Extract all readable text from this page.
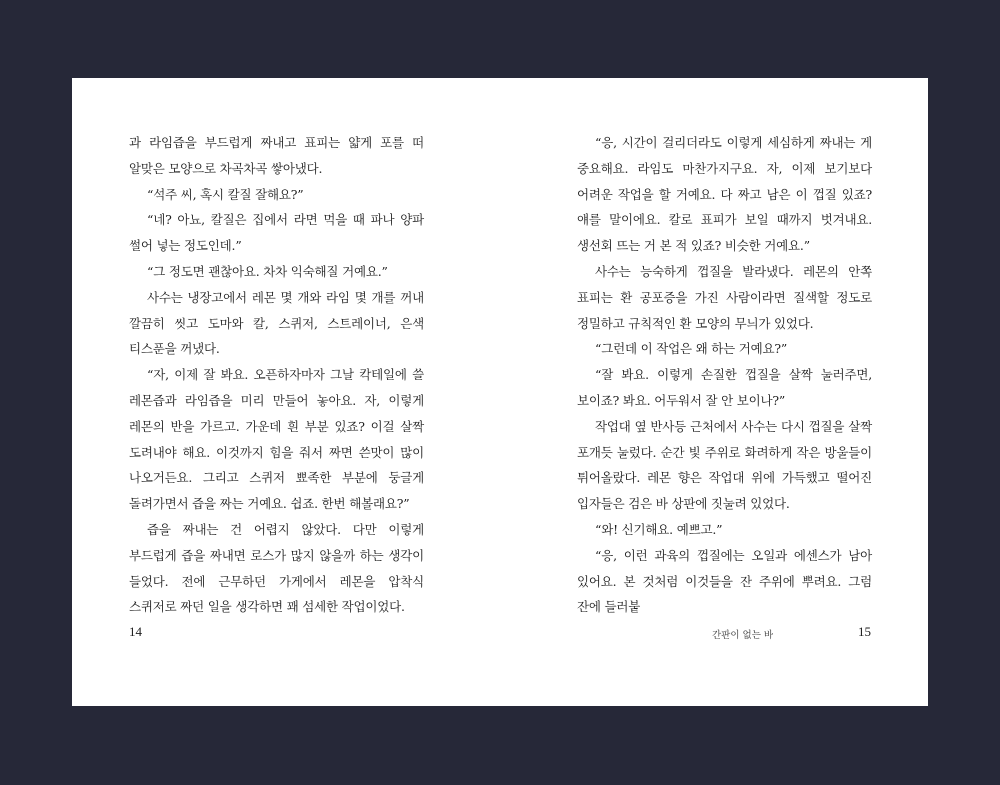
과 라임즙을 부드럽게 짜내고 표피는 얇게 포를 떠 알맞은 모양으로 차곡차곡 쌓아냈다.

“석주 씨, 혹시 칼질 잘해요?”

“네? 아뇨, 칼질은 집에서 라면 먹을 때 파나 양파 썰어 넣는 정도인데.”

“그 정도면 괜찮아요. 차차 익숙해질 거예요.”

사수는 냉장고에서 레몬 몇 개와 라임 몇 개를 꺼내 깔끔히 씻고 도마와 칼, 스퀴저, 스트레이너, 은색 티스푼을 꺼냈다.

“자, 이제 잘 봐요. 오픈하자마자 그날 칵테일에 쓸 레몬즙과 라임즙을 미리 만들어 놓아요. 자, 이렇게 레몬의 반을 가르고. 가운데 흰 부분 있죠? 이걸 살짝 도려내야 해요. 이것까지 힘을 줘서 짜면 쓴맛이 많이 나오거든요. 그리고 스퀴저 뾰족한 부분에 둥글게 돌려가면서 즙을 짜는 거예요. 쉽죠. 한번 해볼래요?”

즙을 짜내는 건 어렵지 않았다. 다만 이렇게 부드럽게 즙을 짜내면 로스가 많지 않을까 하는 생각이 들었다. 전에 근무하던 가게에서 레몬을 압착식 스퀴저로 짜던 일을 생각하면 꽤 섬세한 작업이었다.

“응, 시간이 걸리더라도 이렇게 세심하게 짜내는 게 중요해요. 라임도 마찬가지구요. 자, 이제 보기보다 어려운 작업을 할 거예요. 다 짜고 남은 이 껍질 있죠? 얘를 말이에요. 칼로 표피가 보일 때까지 벗겨내요. 생선회 뜨는 거 본 적 있죠? 비슷한 거예요.”

사수는 능숙하게 껍질을 발라냈다. 레몬의 안쪽 표피는 환 공포증을 가진 사람이라면 질색할 정도로 정밀하고 규칙적인 환 모양의 무늬가 있었다.

“그런데 이 작업은 왜 하는 거예요?”

“잘 봐요. 이렇게 손질한 껍질을 살짝 눌러주면, 보이죠? 봐요. 어두워서 잘 안 보이나?”

작업대 옆 반사등 근처에서 사수는 다시 껍질을 살짝 포개듯 눌렀다. 순간 빛 주위로 화려하게 작은 방울들이 튀어올랐다. 레몬 향은 작업대 위에 가득했고 떨어진 입자들은 검은 바 상판에 짓눌려 있었다.

“와! 신기해요. 예쁘고.”

“응, 이런 과육의 껍질에는 오일과 에센스가 남아 있어요. 본 것처럼 이것들을 잔 주위에 뿌려요. 그럼 잔에 들러붙

14	간판이 없는 바	15
